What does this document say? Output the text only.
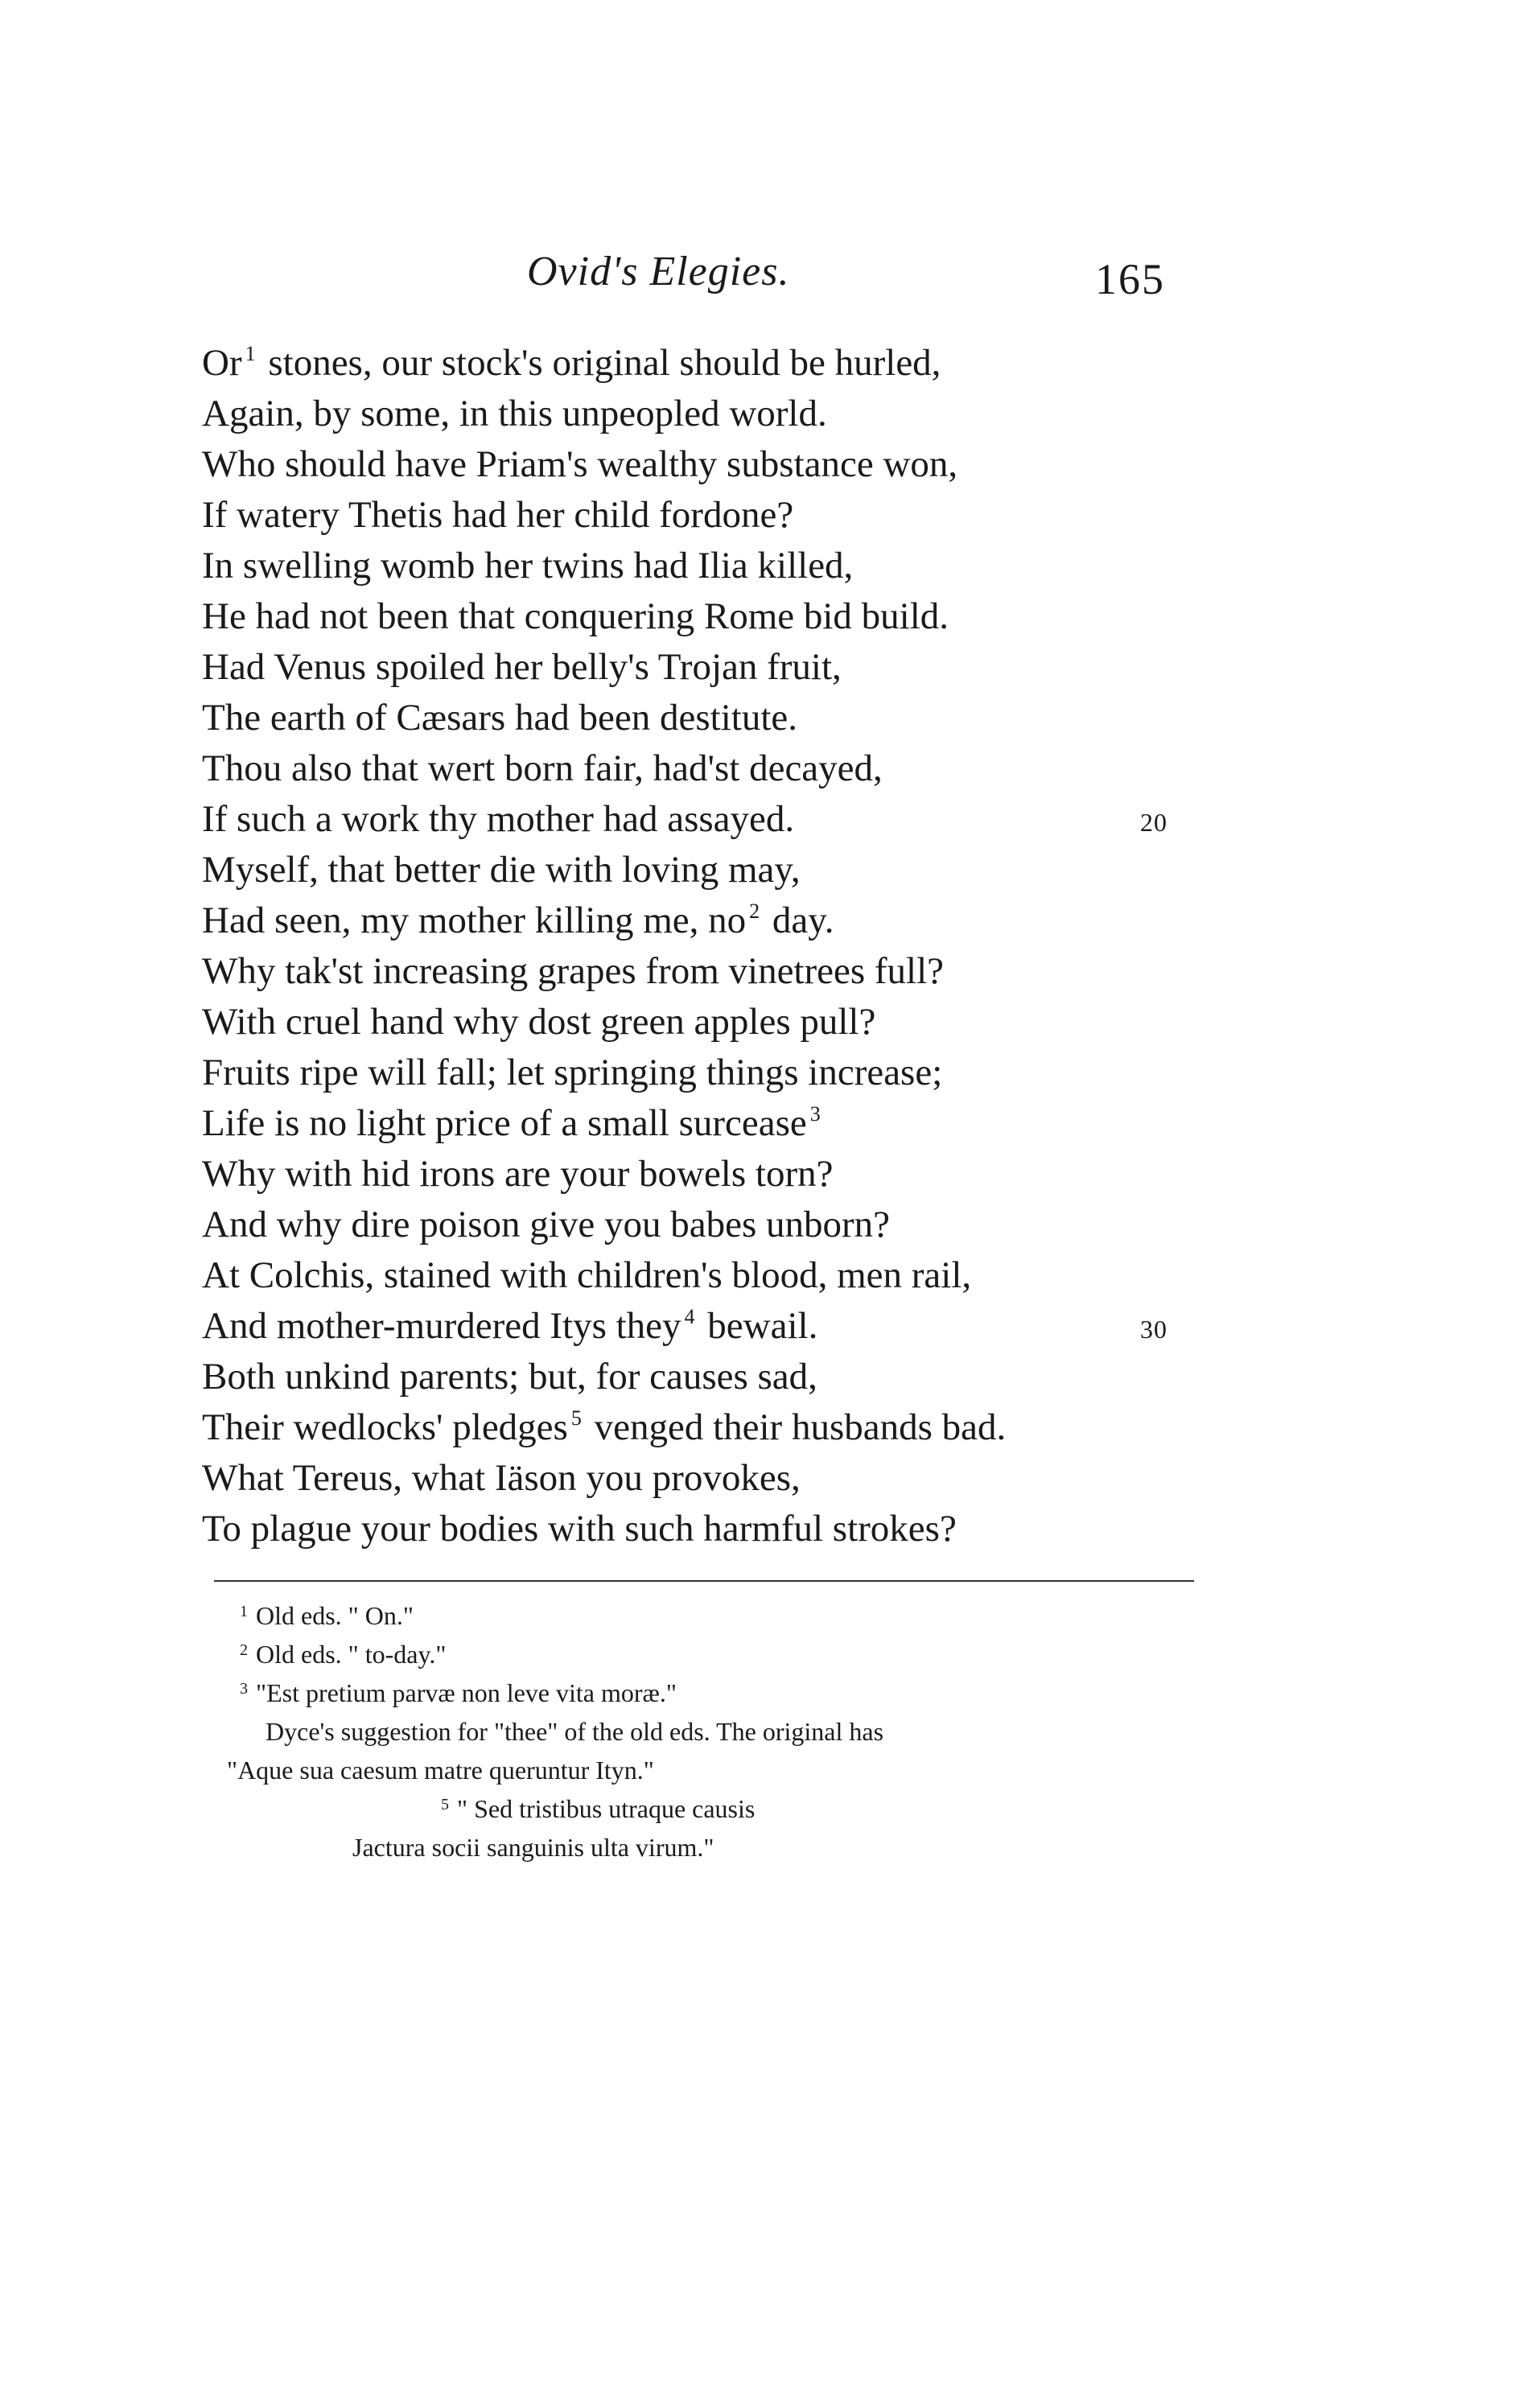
Ovid's Elegies.	165
Or $^1$ stones, our stock's original should be hurled,
Again, by some, in this unpeopled world.
Who should have Priam's wealthy substance won,
If watery Thetis had her child fordone?
In swelling womb her twins had Ilia killed,
He had not been that conquering Rome bid build.
Had Venus spoiled her belly's Trojan fruit,
The earth of Cæsars had been destitute.
Thou also that wert born fair, had'st decayed,
If such a work thy mother had assayed.	20
Myself, that better die with loving may,
Had seen, my mother killing me, no $^2$ day.
Why tak'st increasing grapes from vinetrees full?
With cruel hand why dost green apples pull?
Fruits ripe will fall; let springing things increase;
Life is no light price of a small surcease $^3$
Why with hid irons are your bowels torn?
And why dire poison give you babes unborn?
At Colchis, stained with children's blood, men rail,
And mother-murdered Itys they $^4$ bewail.	30
Both unkind parents; but, for causes sad,
Their wedlocks' pledges $^5$ venged their husbands bad.
What Tereus, what Iäson you provokes,
To plague your bodies with such harmful strokes?
$^1$ Old eds. " On."
$^2$ Old eds. " to-day."
$^3$ "Est pretium parvæ non leve vita moræ."
Dyce's suggestion for "thee" of the old eds. The original has
"Aque sua caesum matre queruntur Ityn."
$^5$ " Sed tristibus utraque causis
Jactura socii sanguinis ulta virum."
